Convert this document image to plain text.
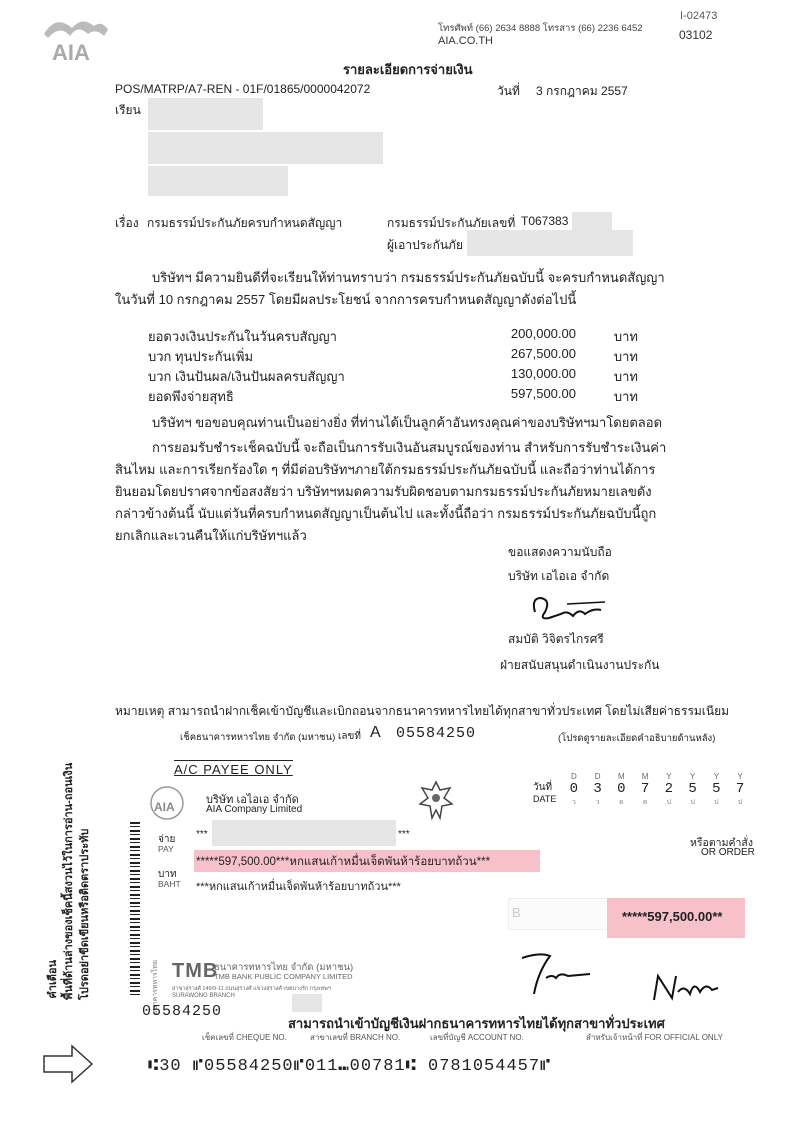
AIA
โทรศัพท์ (66) 2634 8888 โทรสาร (66) 2236 6452
AIA.CO.TH
I-02473
03102
รายละเอียดการจ่ายเงิน
POS/MATRP/A7-REN - 01F/01865/0000042072	วันที่ 3 กรกฎาคม 2557
เรียน
เรื่อง กรมธรรม์ประกันภัยครบกำหนดสัญญา	กรมธรรม์ประกันภัยเลขที่ T067383
ผู้เอาประกันภัย
บริษัทฯ มีความยินดีที่จะเรียนให้ท่านทราบว่า กรมธรรม์ประกันภัยฉบับนี้ จะครบกำหนดสัญญาในวันที่ 10 กรกฎาคม 2557 โดยมีผลประโยชน์ จากการครบกำหนดสัญญาดังต่อไปนี้
ยอดวงเงินประกันในวันครบสัญญา	200,000.00	บาท
บวก ทุนประกันเพิ่ม	267,500.00	บาท
บวก เงินปันผล/เงินปันผลครบสัญญา	130,000.00	บาท
ยอดพึงจ่ายสุทธิ	597,500.00	บาท
บริษัทฯ ขอขอบคุณท่านเป็นอย่างยิ่ง ที่ท่านได้เป็นลูกค้าอันทรงคุณค่าของบริษัทฯมาโดยตลอด
การยอมรับชำระเช็คฉบับนี้ จะถือเป็นการรับเงินอันสมบูรณ์ของท่าน สำหรับการรับชำระเงินค่าสินไหม และการเรียกร้องใด ๆ ที่มีต่อบริษัทฯภายใต้กรมธรรม์ประกันภัยฉบับนี้ และถือว่าท่านได้การยินยอมโดยปราศจากข้อสงสัยว่า บริษัทฯหมดความรับผิดชอบตามกรมธรรม์ประกันภัยหมายเลขดังกล่าวข้างต้นนี้ นับแต่วันที่ครบกำหนดสัญญาเป็นต้นไป และทั้งนี้ถือว่า กรมธรรม์ประกันภัยฉบับนี้ถูกยกเลิกและเวนคืนให้แก่บริษัทฯแล้ว
ขอแสดงความนับถือ
บริษัท เอไอเอ จำกัด
สมบัติ วิจิตรไกรศรี
ฝ่ายสนับสนุนดำเนินงานประกัน
หมายเหตุ สามารถนำฝากเช็คเข้าบัญชีและเบิกถอนจากธนาคารทหารไทยได้ทุกสาขาทั่วประเทศ โดยไม่เสียค่าธรรมเนียม
เช็คธนาคารทหารไทย จำกัด (มหาชน) เลขที่ A 05584250	(โปรดดูรายละเอียดคำอธิบายด้านหลัง)
A/C PAYEE ONLY
AIA	บริษัท เอไอเอ จำกัด
AIA Company Limited
วันที่
DATE
D
0
ว
D
3
ว
M
0
ด
M
7
ด
Y
2
ป
Y
5
ป
Y
5
ป
Y
7
ป
จ่าย
PAY
***	***
หรือตามคำสั่ง
OR ORDER
*****597,500.00***หกแสนเก้าหมื่นเจ็ดพันห้าร้อยบาทถ้วน***
บาท
BAHT ***หกแสนเก้าหมื่นเจ็ดพันห้าร้อยบาทถ้วน***
B	*****597,500.00**
ธนาคารทหารไทย TMB
ธนาคารทหารไทย จำกัด (มหาชน)
TMB BANK PUBLIC COMPANY LIMITED
สาขาสุรวงศ์ 149/9-11 ถนนสุรวงศ์ แขวงสุรวงศ์ เขตบางรัก กรุงเทพฯ
SURAWONG BRANCH
05584250
สามารถนำเข้าบัญชีเงินฝากธนาคารทหารไทยได้ทุกสาขาทั่วประเทศ
เช็คเลขที่ CHEQUE NO.	สาขาเลขที่ BRANCH NO.	เลขที่บัญชี ACCOUNT NO.	สำหรับเจ้าหน้าที่ FOR OFFICIAL ONLY
⑆30 ⑈05584250⑈011⑉00781⑆ 0781054457⑈
คำเตือน พื้นที่ด้านล่างของเช็คนี้สงวนไว้ในการอ่าน-ถอนเงิน โปรดอย่าขีดเขียนหรือติดตราประทับ
